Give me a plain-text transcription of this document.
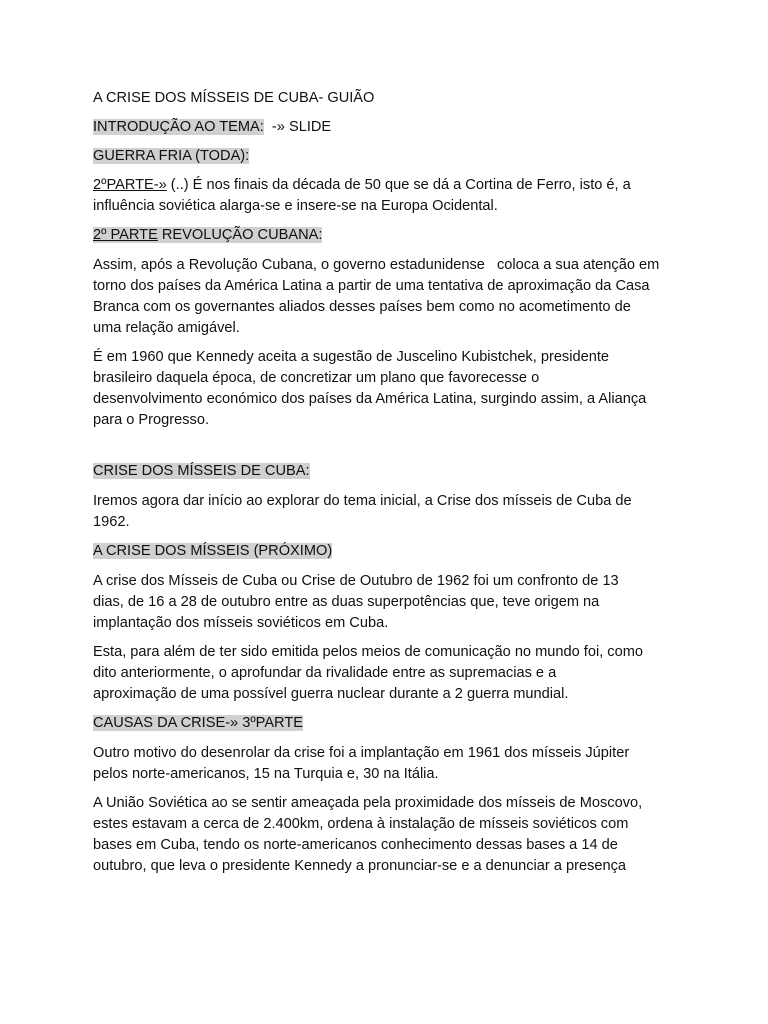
A CRISE DOS MÍSSEIS DE CUBA- GUIÃO

INTRODUÇÃO AO TEMA:  -» SLIDE

GUERRA FRIA (TODA):

2ºPARTE-» (..) É nos finais da década de 50 que se dá a Cortina de Ferro, isto é, a

influência soviética alarga-se e insere-se na Europa Ocidental.

2º PARTE REVOLUÇÃO CUBANA:

Assim, após a Revolução Cubana, o governo estadunidense   coloca a sua atenção em

torno dos países da América Latina a partir de uma tentativa de aproximação da Casa

Branca com os governantes aliados desses países bem como no acometimento de

uma relação amigável.

É em 1960 que Kennedy aceita a sugestão de Juscelino Kubistchek, presidente

brasileiro daquela época, de concretizar um plano que favorecesse o

desenvolvimento económico dos países da América Latina, surgindo assim, a Aliança

para o Progresso.

CRISE DOS MÍSSEIS DE CUBA:

Iremos agora dar início ao explorar do tema inicial, a Crise dos mísseis de Cuba de

1962.

A CRISE DOS MÍSSEIS (PRÓXIMO)

A crise dos Mísseis de Cuba ou Crise de Outubro de 1962 foi um confronto de 13

dias, de 16 a 28 de outubro entre as duas superpotências que, teve origem na

implantação dos mísseis soviéticos em Cuba.

Esta, para além de ter sido emitida pelos meios de comunicação no mundo foi, como

dito anteriormente, o aprofundar da rivalidade entre as supremacias e a

aproximação de uma possível guerra nuclear durante a 2 guerra mundial.

CAUSAS DA CRISE-» 3ºPARTE

Outro motivo do desenrolar da crise foi a implantação em 1961 dos mísseis Júpiter

pelos norte-americanos, 15 na Turquia e, 30 na Itália.

A União Soviética ao se sentir ameaçada pela proximidade dos mísseis de Moscovo,

estes estavam a cerca de 2.400km, ordena à instalação de mísseis soviéticos com

bases em Cuba, tendo os norte-americanos conhecimento dessas bases a 14 de

outubro, que leva o presidente Kennedy a pronunciar-se e a denunciar a presença
